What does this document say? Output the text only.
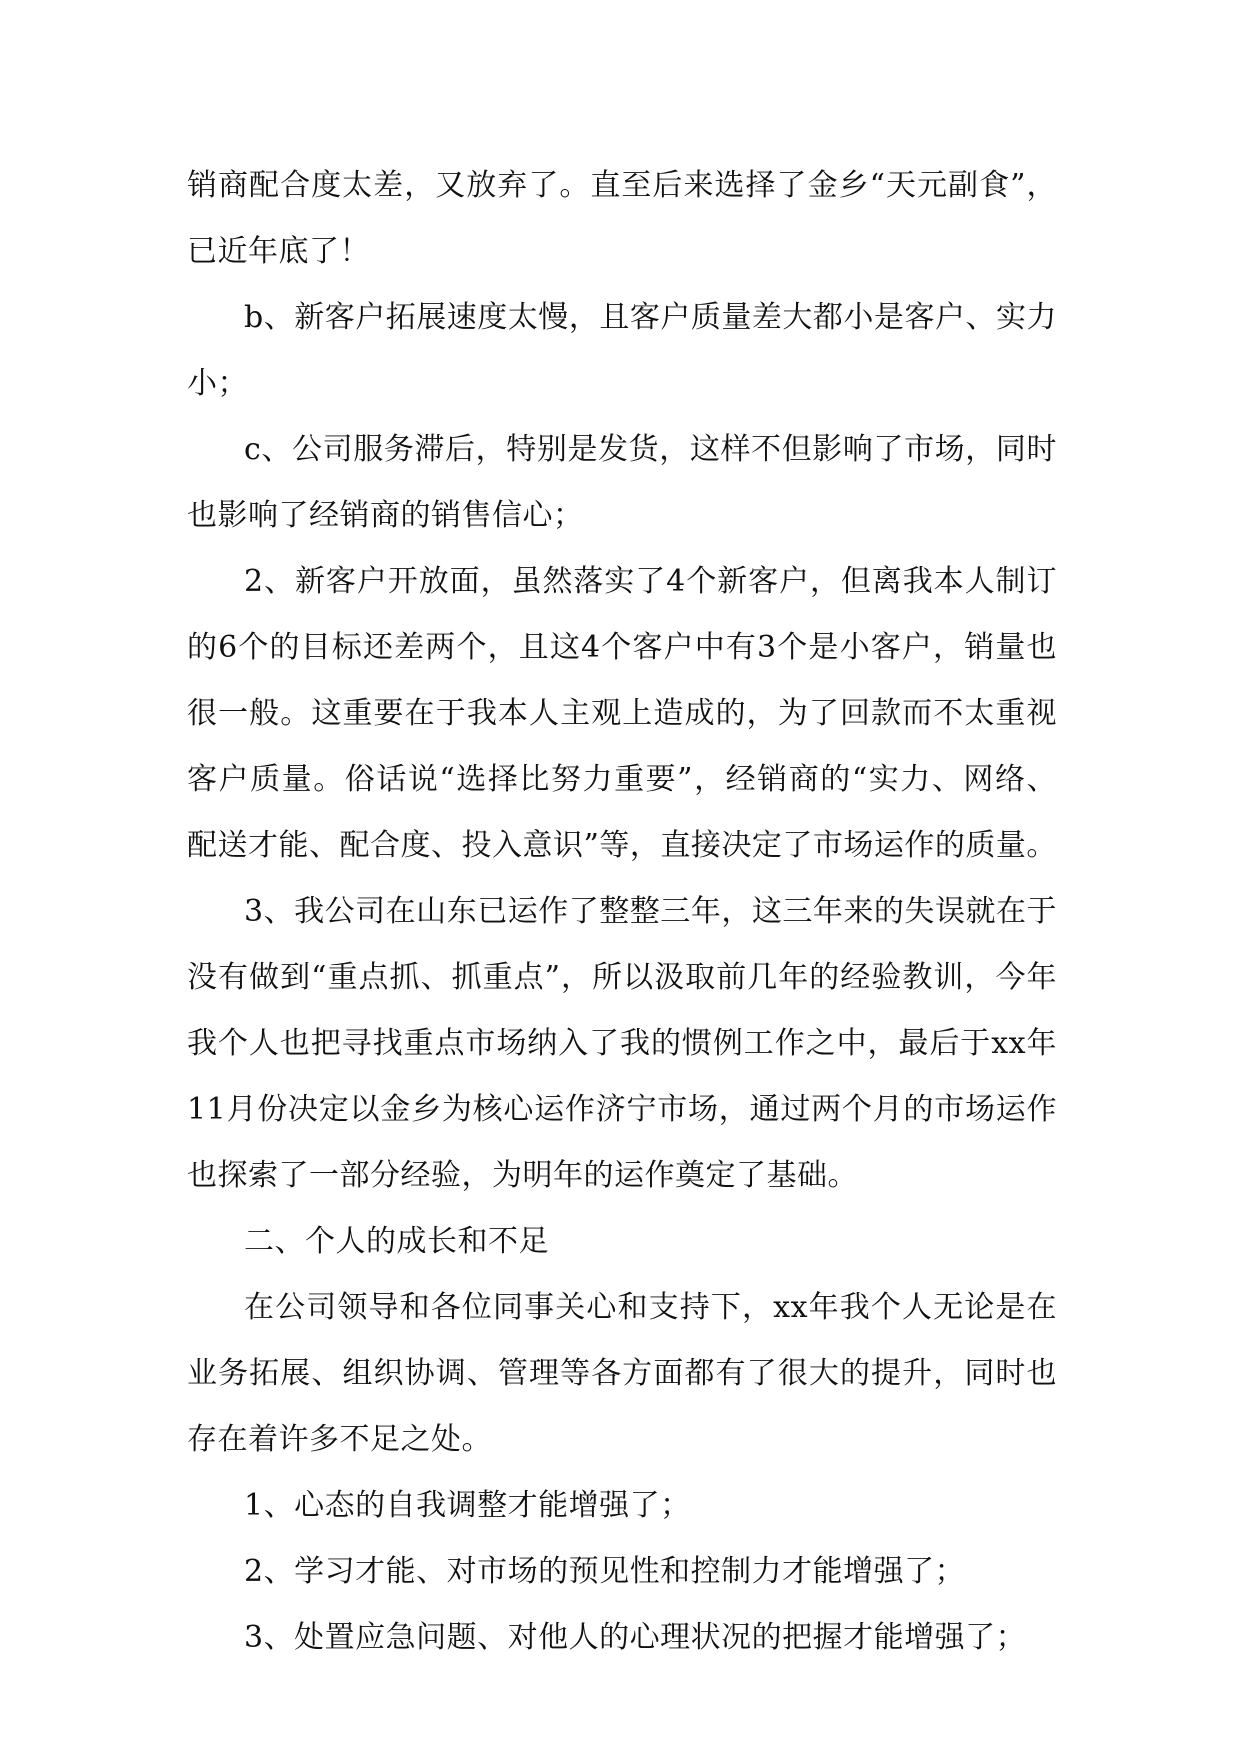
销商配合度太差，又放弃了。直至后来选择了金乡“天元副食”，已近年底了！

b、新客户拓展速度太慢，且客户质量差大都小是客户、实力小；

c、公司服务滞后，特别是发货，这样不但影响了市场，同时也影响了经销商的销售信心；

2、新客户开放面，虽然落实了4个新客户，但离我本人制订的6个的目标还差两个，且这4个客户中有3个是小客户，销量也很一般。这重要在于我本人主观上造成的，为了回款而不太重视客户质量。俗话说“选择比努力重要”，经销商的“实力、网络、配送才能、配合度、投入意识”等，直接决定了市场运作的质量。

3、我公司在山东已运作了整整三年，这三年来的失误就在于没有做到“重点抓、抓重点”，所以汲取前几年的经验教训，今年我个人也把寻找重点市场纳入了我的惯例工作之中，最后于xx年11月份决定以金乡为核心运作济宁市场，通过两个月的市场运作也探索了一部分经验，为明年的运作奠定了基础。

二、个人的成长和不足

在公司领导和各位同事关心和支持下，xx年我个人无论是在业务拓展、组织协调、管理等各方面都有了很大的提升，同时也存在着许多不足之处。

1、心态的自我调整才能增强了；

2、学习才能、对市场的预见性和控制力才能增强了；

3、处置应急问题、对他人的心理状况的把握才能增强了；
